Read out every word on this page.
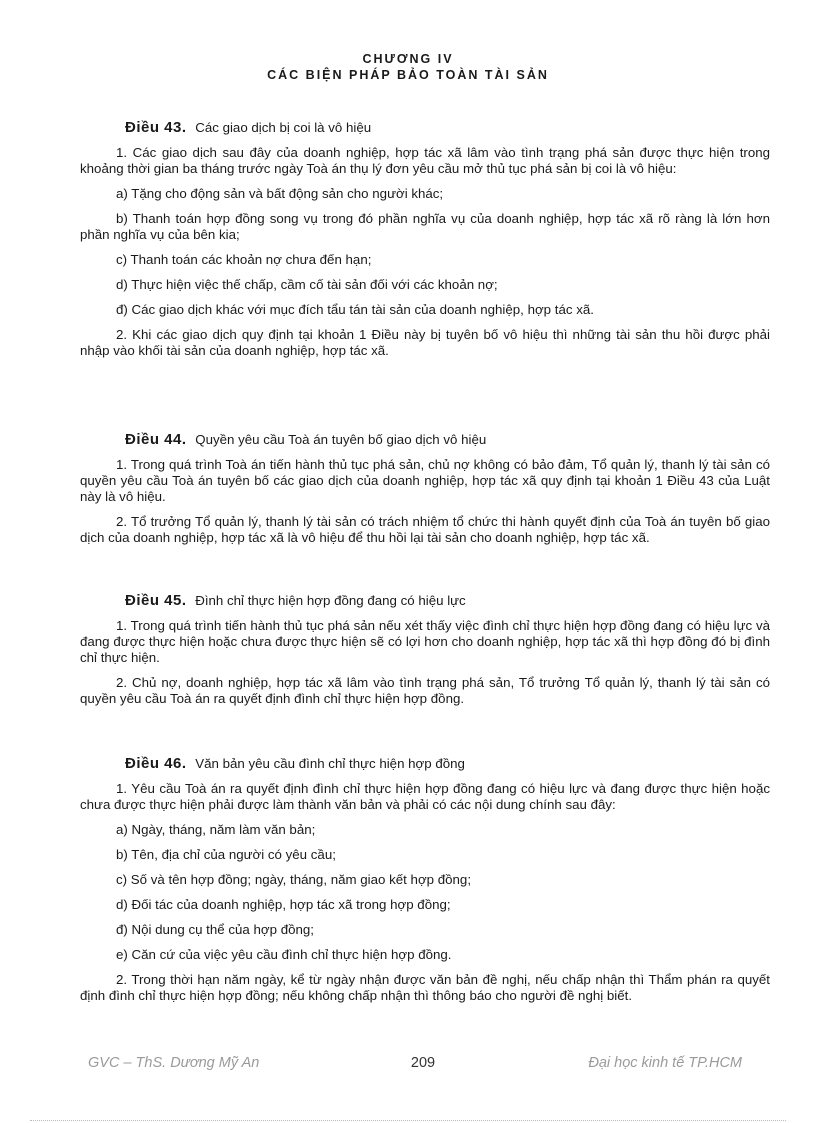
CHƯƠNG IV
CÁC BIỆN PHÁP BẢO TOÀN TÀI SẢN

Điều 43. Các giao dịch bị coi là vô hiệu

1. Các giao dịch sau đây của doanh nghiệp, hợp tác xã lâm vào tình trạng phá sản được thực hiện trong khoảng thời gian ba tháng trước ngày Toà án thụ lý đơn yêu cầu mở thủ tục phá sản bị coi là vô hiệu:

a) Tặng cho động sản và bất động sản cho người khác;

b) Thanh toán hợp đồng song vụ trong đó phần nghĩa vụ của doanh nghiệp, hợp tác xã rõ ràng là lớn hơn phần nghĩa vụ của bên kia;

c) Thanh toán các khoản nợ chưa đến hạn;

d) Thực hiện việc thế chấp, cầm cố tài sản đối với các khoản nợ;

đ) Các giao dịch khác với mục đích tẩu tán tài sản của doanh nghiệp, hợp tác xã.

2. Khi các giao dịch quy định tại khoản 1 Điều này bị tuyên bố vô hiệu thì những tài sản thu hồi được phải nhập vào khối tài sản của doanh nghiệp, hợp tác xã.

Điều 44. Quyền yêu cầu Toà án tuyên bố giao dịch vô hiệu

1. Trong quá trình Toà án tiến hành thủ tục phá sản, chủ nợ không có bảo đảm, Tổ quản lý, thanh lý tài sản có quyền yêu cầu Toà án tuyên bố các giao dịch của doanh nghiệp, hợp tác xã quy định tại khoản 1 Điều 43 của Luật này là vô hiệu.

2. Tổ trưởng Tổ quản lý, thanh lý tài sản có trách nhiệm tổ chức thi hành quyết định của Toà án tuyên bố giao dịch của doanh nghiệp, hợp tác xã là vô hiệu để thu hồi lại tài sản cho doanh nghiệp, hợp tác xã.

Điều 45. Đình chỉ thực hiện hợp đồng đang có hiệu lực

1. Trong quá trình tiến hành thủ tục phá sản nếu xét thấy việc đình chỉ thực hiện hợp đồng đang có hiệu lực và đang được thực hiện hoặc chưa được thực hiện sẽ có lợi hơn cho doanh nghiệp, hợp tác xã thì hợp đồng đó bị đình chỉ thực hiện.

2. Chủ nợ, doanh nghiệp, hợp tác xã lâm vào tình trạng phá sản, Tổ trưởng Tổ quản lý, thanh lý tài sản có quyền yêu cầu Toà án ra quyết định đình chỉ thực hiện hợp đồng.

Điều 46. Văn bản yêu cầu đình chỉ thực hiện hợp đồng

1. Yêu cầu Toà án ra quyết định đình chỉ thực hiện hợp đồng đang có hiệu lực và đang được thực hiện hoặc chưa được thực hiện phải được làm thành văn bản và phải có các nội dung chính sau đây:

a) Ngày, tháng, năm làm văn bản;

b) Tên, địa chỉ của người có yêu cầu;

c) Số và tên hợp đồng; ngày, tháng, năm giao kết hợp đồng;

d) Đối tác của doanh nghiệp, hợp tác xã trong hợp đồng;

đ) Nội dung cụ thể của hợp đồng;

e) Căn cứ của việc yêu cầu đình chỉ thực hiện hợp đồng.

2. Trong thời hạn năm ngày, kể từ ngày nhận được văn bản đề nghị, nếu chấp nhận thì Thẩm phán ra quyết định đình chỉ thực hiện hợp đồng; nếu không chấp nhận thì thông báo cho người đề nghị biết.

GVC – ThS. Dương Mỹ An	209	Đại học kinh tế TP.HCM
